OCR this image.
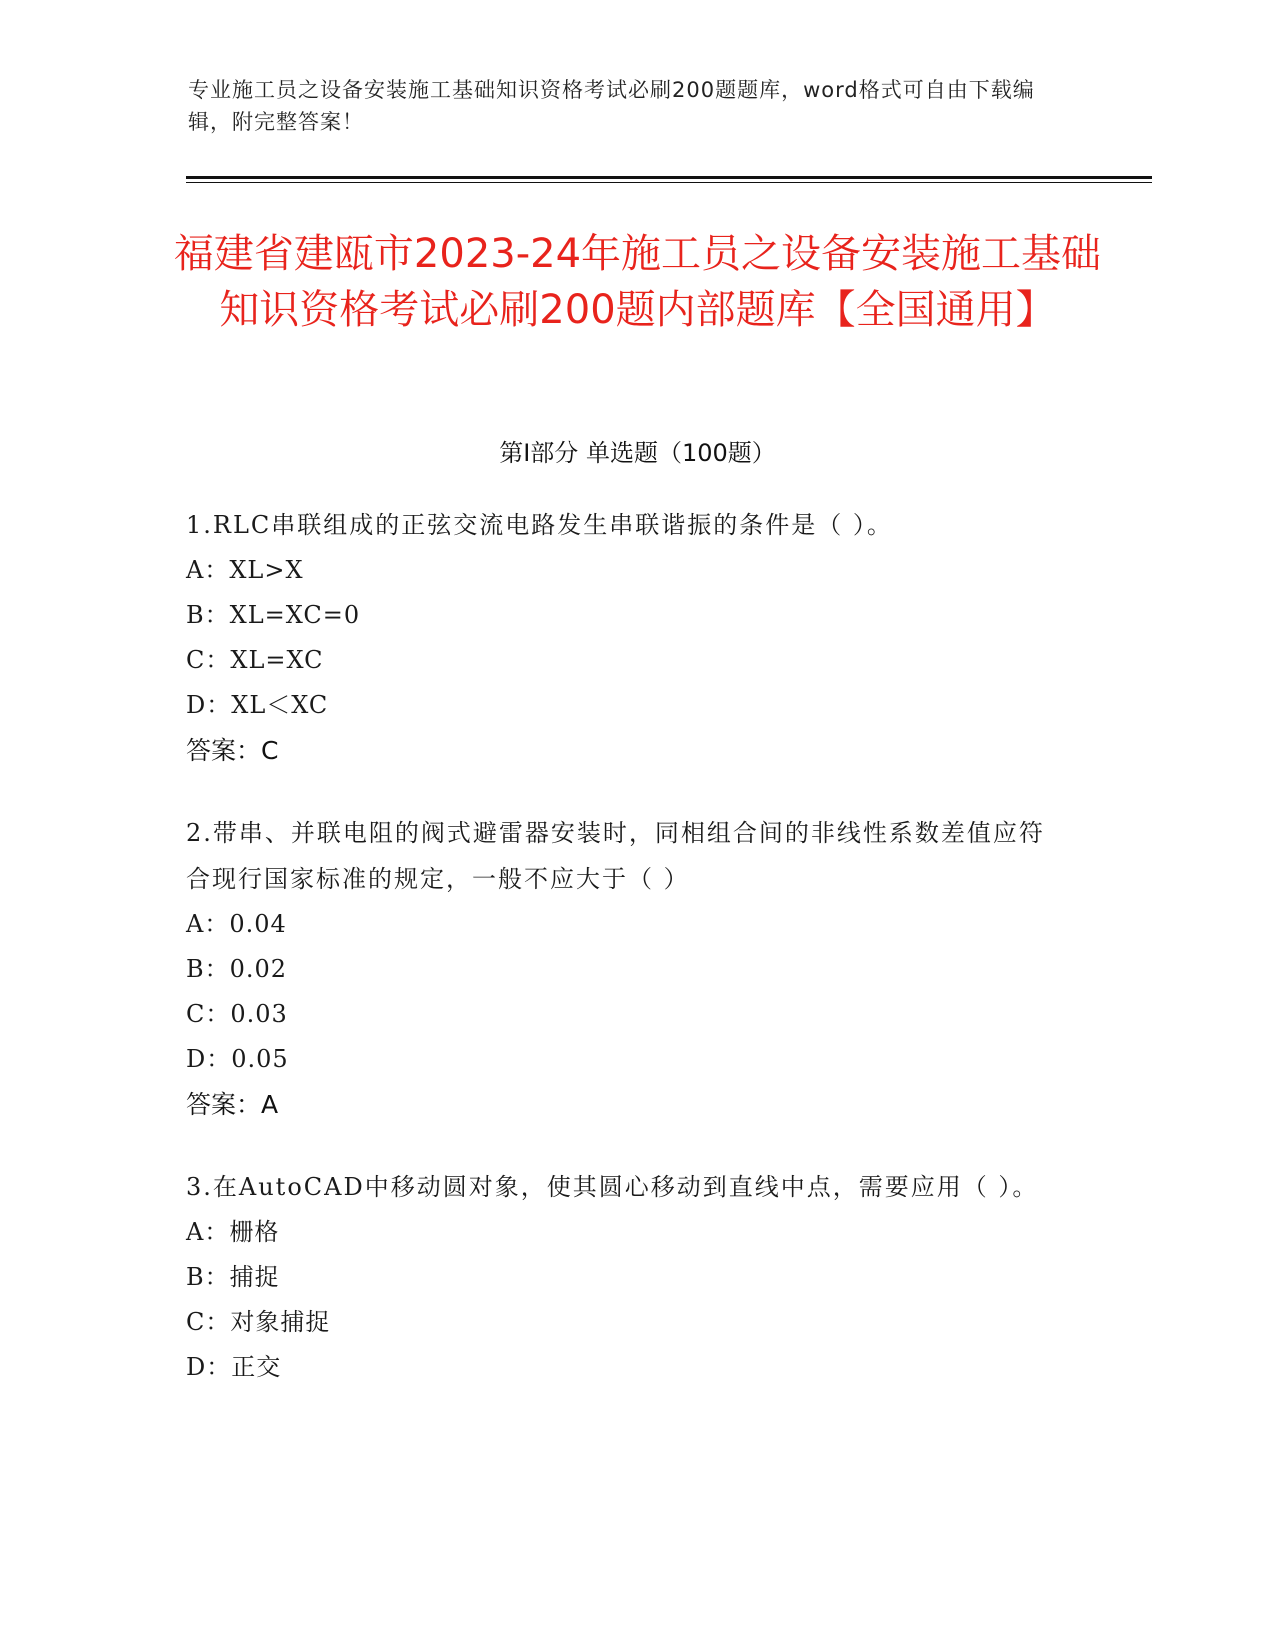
专业施工员之设备安装施工基础知识资格考试必刷200题题库，word格式可自由下载编辑，附完整答案！
福建省建瓯市2023-24年施工员之设备安装施工基础知识资格考试必刷200题内部题库【全国通用】
第I部分 单选题（100题）
1.RLC串联组成的正弦交流电路发生串联谐振的条件是（ ）。
A：XL>X
B：XL=XC=0
C：XL=XC
D：XL＜XC
答案：C
2.带串、并联电阻的阀式避雷器安装时，同相组合间的非线性系数差值应符合现行国家标准的规定，一般不应大于（ ）
A：0.04
B：0.02
C：0.03
D：0.05
答案：A
3.在AutoCAD中移动圆对象，使其圆心移动到直线中点，需要应用（ ）。
A：栅格
B：捕捉
C：对象捕捉
D：正交
